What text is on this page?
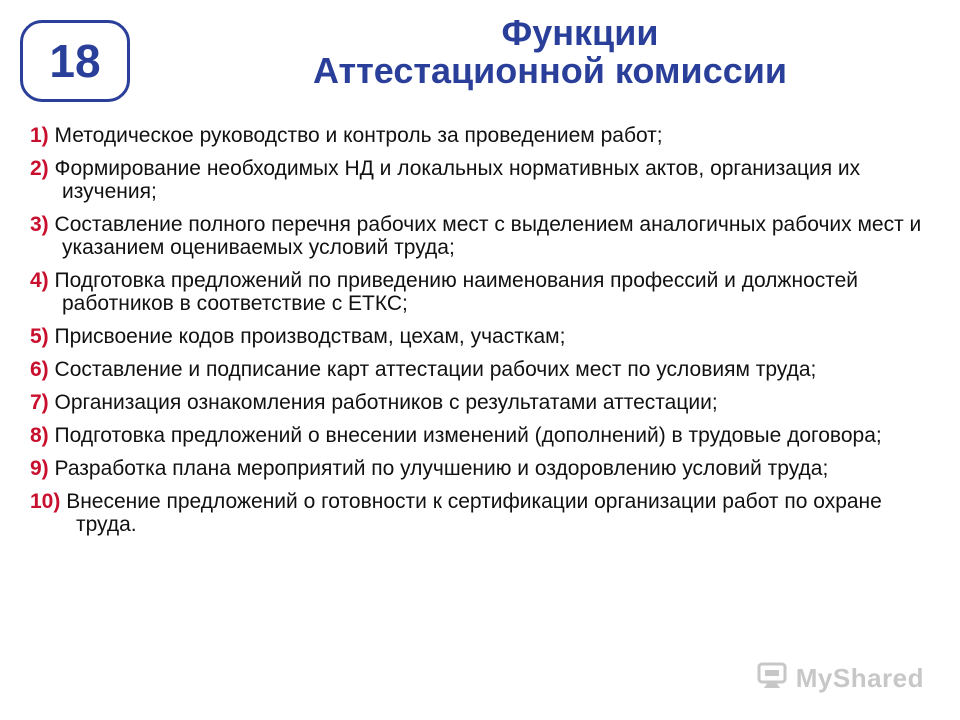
18
Функции
Аттестационной комиссии
1) Методическое руководство и контроль за проведением работ;
2) Формирование необходимых НД и локальных нормативных актов, организация их изучения;
3) Составление полного перечня рабочих мест с выделением аналогичных рабочих мест и указанием оцениваемых условий труда;
4) Подготовка предложений по приведению наименования профессий и должностей работников в соответствие с ЕТКС;
5) Присвоение кодов производствам, цехам, участкам;
6) Составление и подписание карт аттестации рабочих мест по условиям труда;
7) Организация ознакомления работников с результатами аттестации;
8) Подготовка предложений о внесении изменений (дополнений) в трудовые договора;
9) Разработка плана мероприятий по улучшению и оздоровлению условий труда;
10) Внесение предложений о готовности к сертификации организации работ по охране труда.
MyShared
